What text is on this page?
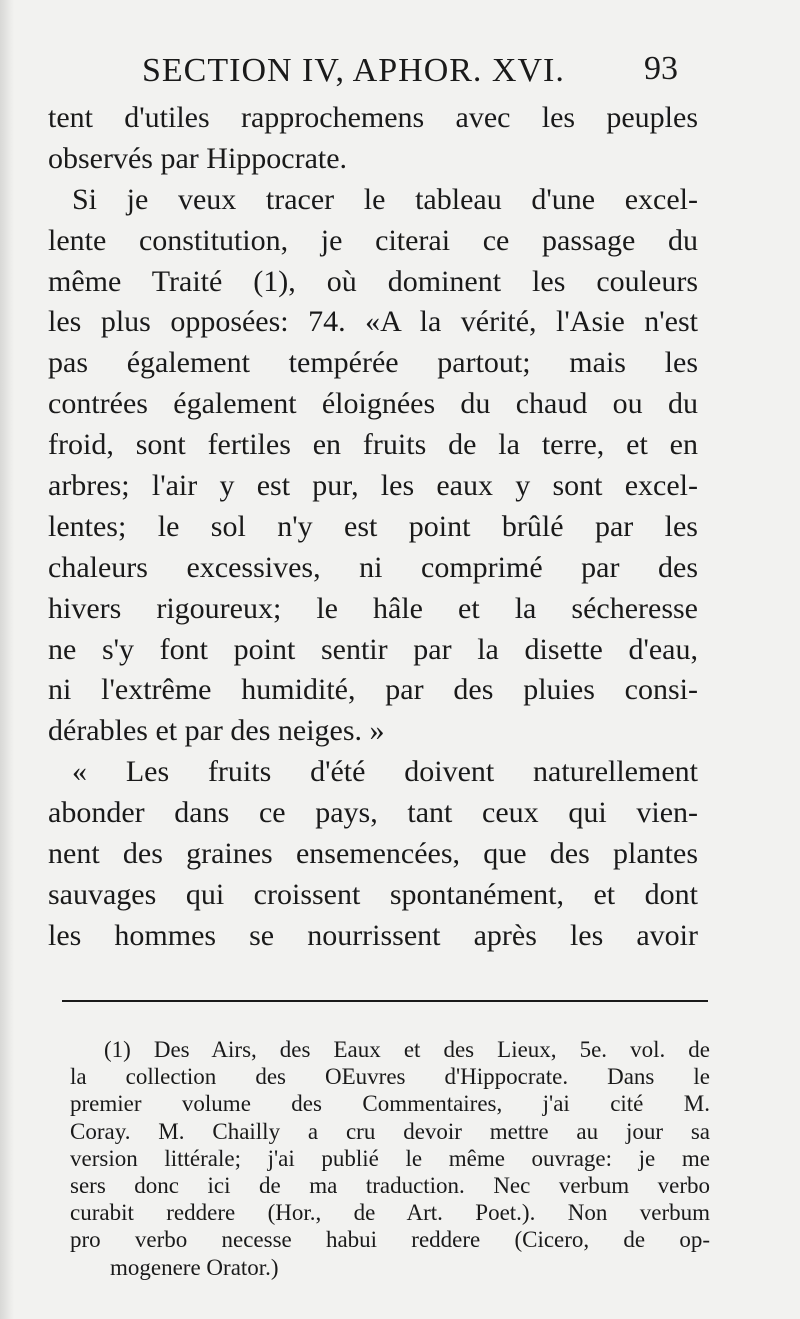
SECTION IV, APHOR. XVI. 93
tent d'utiles rapprochemens avec les peuples
observés par Hippocrate.
Si je veux tracer le tableau d'une excel-
lente constitution, je citerai ce passage du
même Traité (1), où dominent les couleurs
les plus opposées: 74. «A la vérité, l'Asie n'est
pas également tempérée partout; mais les
contrées également éloignées du chaud ou du
froid, sont fertiles en fruits de la terre, et en
arbres; l'air y est pur, les eaux y sont excel-
lentes; le sol n'y est point brûlé par les
chaleurs excessives, ni comprimé par des
hivers rigoureux; le hâle et la sécheresse
ne s'y font point sentir par la disette d'eau,
ni l'extrême humidité, par des pluies consi-
dérables et par des neiges. »
« Les fruits d'été doivent naturellement
abonder dans ce pays, tant ceux qui vien-
nent des graines ensemencées, que des plantes
sauvages qui croissent spontanément, et dont
les hommes se nourrissent après les avoir
(1) Des Airs, des Eaux et des Lieux, 5e. vol. de
la collection des OEuvres d'Hippocrate. Dans le
premier volume des Commentaires, j'ai cité M.
Coray. M. Chailly a cru devoir mettre au jour sa
version littérale; j'ai publié le même ouvrage: je me
sers donc ici de ma traduction. Nec verbum verbo
curabit reddere (Hor., de Art. Poet.). Non verbum
pro verbo necesse habui reddere (Cicero, de op-
mogenere Orator.)
